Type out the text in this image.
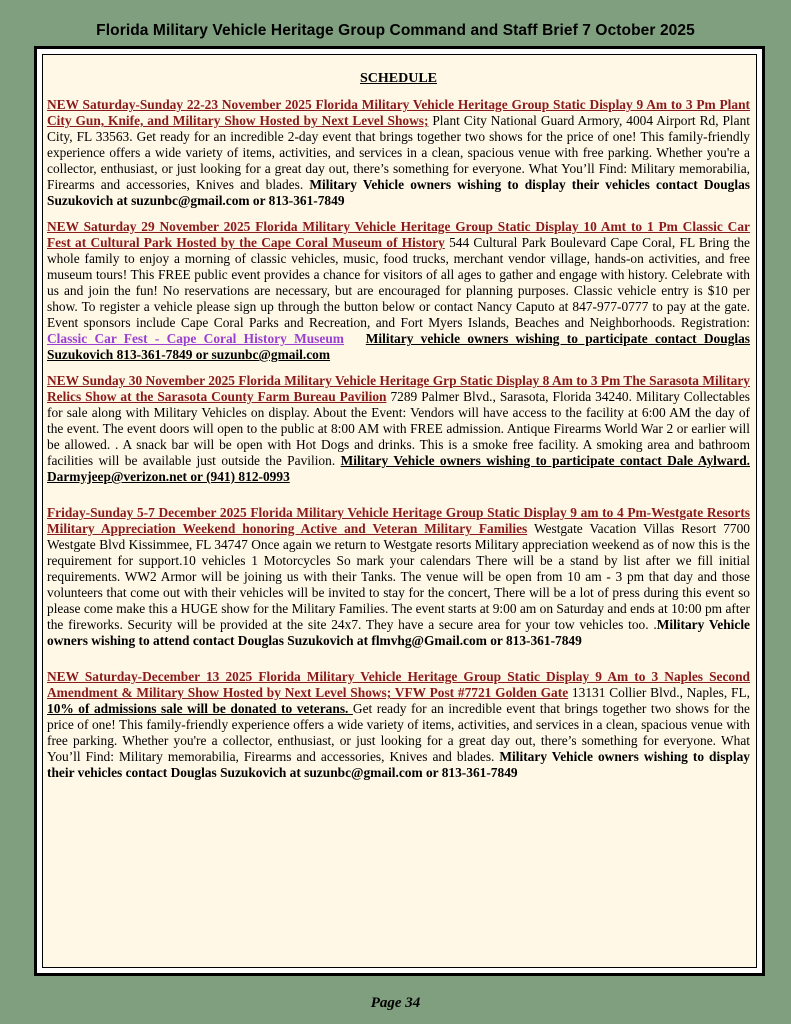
Florida Military Vehicle Heritage Group Command and Staff Brief 7 October 2025
SCHEDULE
NEW Saturday-Sunday 22-23 November 2025 Florida Military Vehicle Heritage Group Static Display 9 Am to 3 Pm Plant City Gun, Knife, and Military Show Hosted by Next Level Shows; Plant City National Guard Armory, 4004 Airport Rd, Plant City, FL 33563. Get ready for an incredible 2-day event that brings together two shows for the price of one! This family-friendly experience offers a wide variety of items, activities, and services in a clean, spacious venue with free parking. Whether you're a collector, enthusiast, or just looking for a great day out, there’s something for everyone. What You’ll Find: Military memorabilia, Firearms and accessories, Knives and blades. Military Vehicle owners wishing to display their vehicles contact Douglas Suzukovich at suzunbc@gmail.com or 813-361-7849
NEW Saturday 29 November 2025 Florida Military Vehicle Heritage Group Static Display 10 Amt to 1 Pm Classic Car Fest at Cultural Park Hosted by the Cape Coral Museum of History 544 Cultural Park Boulevard Cape Coral, FL Bring the whole family to enjoy a morning of classic vehicles, music, food trucks, merchant vendor village, hands-on activities, and free museum tours! This FREE public event provides a chance for visitors of all ages to gather and engage with history. Celebrate with us and join the fun! No reservations are necessary, but are encouraged for planning purposes. Classic vehicle entry is $10 per show. To register a vehicle please sign up through the button below or contact Nancy Caputo at 847-977-0777 to pay at the gate. Event sponsors include Cape Coral Parks and Recreation, and Fort Myers Islands, Beaches and Neighborhoods. Registration: Classic Car Fest - Cape Coral History Museum Military vehicle owners wishing to participate contact Douglas Suzukovich 813-361-7849 or suzunbc@gmail.com
NEW Sunday 30 November 2025 Florida Military Vehicle Heritage Grp Static Display 8 Am to 3 Pm The Sarasota Military Relics Show at the Sarasota County Farm Bureau Pavilion 7289 Palmer Blvd., Sarasota, Florida 34240. Military Collectables for sale along with Military Vehicles on display. About the Event: Vendors will have access to the facility at 6:00 AM the day of the event. The event doors will open to the public at 8:00 AM with FREE admission. Antique Firearms World War 2 or earlier will be allowed. . A snack bar will be open with Hot Dogs and drinks. This is a smoke free facility. A smoking area and bathroom facilities will be available just outside the Pavilion. Military Vehicle owners wishing to participate contact Dale Aylward. Darmyjeep@verizon.net or (941) 812-0993
Friday-Sunday 5-7 December 2025 Florida Military Vehicle Heritage Group Static Display 9 am to 4 Pm-Westgate Resorts Military Appreciation Weekend honoring Active and Veteran Military Families Westgate Vacation Villas Resort 7700 Westgate Blvd Kissimmee, FL 34747 Once again we return to Westgate resorts Military appreciation weekend as of now this is the requirement for support.10 vehicles 1 Motorcycles So mark your calendars There will be a stand by list after we fill initial requirements. WW2 Armor will be joining us with their Tanks. The venue will be open from 10 am - 3 pm that day and those volunteers that come out with their vehicles will be invited to stay for the concert, There will be a lot of press during this event so please come make this a HUGE show for the Military Families. The event starts at 9:00 am on Saturday and ends at 10:00 pm after the fireworks. Security will be provided at the site 24x7. They have a secure area for your tow vehicles too. .Military Vehicle owners wishing to attend contact Douglas Suzukovich at flmvhg@Gmail.com or 813-361-7849
NEW Saturday-December 13 2025 Florida Military Vehicle Heritage Group Static Display 9 Am to 3 Naples Second Amendment & Military Show Hosted by Next Level Shows; VFW Post #7721 Golden Gate 13131 Collier Blvd., Naples, FL, 10% of admissions sale will be donated to veterans. Get ready for an incredible event that brings together two shows for the price of one! This family-friendly experience offers a wide variety of items, activities, and services in a clean, spacious venue with free parking. Whether you're a collector, enthusiast, or just looking for a great day out, there’s something for everyone. What You’ll Find: Military memorabilia, Firearms and accessories, Knives and blades. Military Vehicle owners wishing to display their vehicles contact Douglas Suzukovich at suzunbc@gmail.com or 813-361-7849
Page 34
